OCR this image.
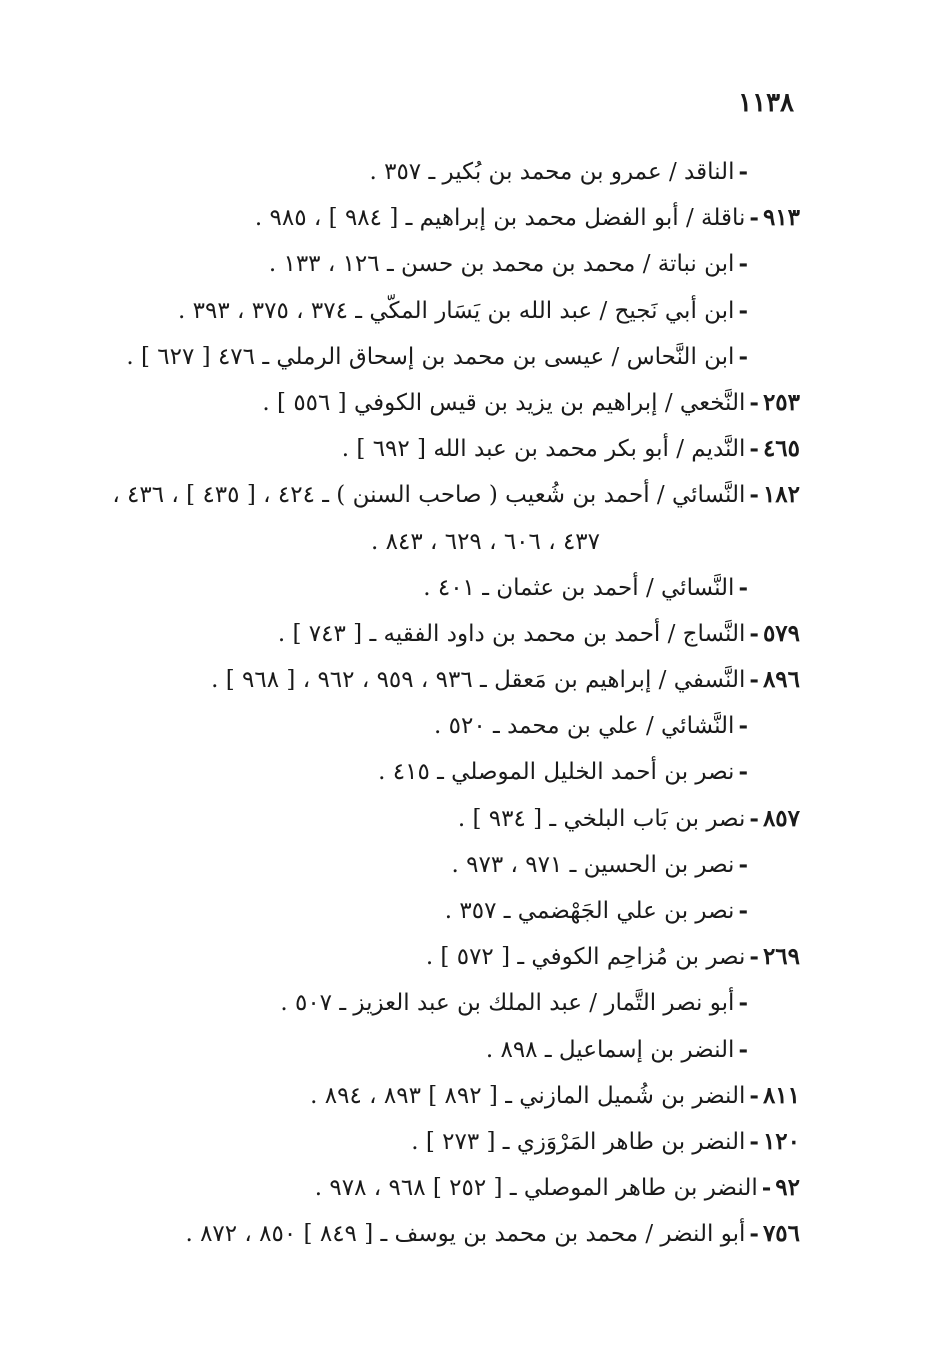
١١٣٨
-الناقد / عمرو بن محمد بن بُكير ـ ٣٥٧ .
٩١٣-ناقلة / أبو الفضل محمد بن إبراهيم ـ [ ٩٨٤ ] ، ٩٨٥ .
-ابن نباتة / محمد بن محمد بن حسن ـ ١٢٦ ، ١٣٣ .
-ابن أبي نَجيح / عبد الله بن يَسَار المكّي ـ ٣٧٤ ، ٣٧٥ ، ٣٩٣ .
-ابن النَّحاس / عيسى بن محمد بن إسحاق الرملي ـ ٤٧٦ [ ٦٢٧ ] .
٢٥٣-النَّخعي / إبراهيم بن يزيد بن قيس الكوفي [ ٥٥٦ ] .
٤٦٥-النَّديم / أبو بكر محمد بن عبد الله [ ٦٩٢ ] .
١٨٢-النَّسائي / أحمد بن شُعيب ( صاحب السنن ) ـ ٤٢٤ ، [ ٤٣٥ ] ، ٤٣٦ ،
٤٣٧ ، ٦٠٦ ، ٦٢٩ ، ٨٤٣ .
-النَّسائي / أحمد بن عثمان ـ ٤٠١ .
٥٧٩-النَّساج / أحمد بن محمد بن داود الفقيه ـ [ ٧٤٣ ] .
٨٩٦-النَّسفي / إبراهيم بن مَعقل ـ ٩٣٦ ، ٩٥٩ ، ٩٦٢ ، [ ٩٦٨ ] .
-النَّشائي / علي بن محمد ـ ٥٢٠ .
-نصر بن أحمد الخليل الموصلي ـ ٤١٥ .
٨٥٧-نصر بن بَاب البلخي ـ [ ٩٣٤ ] .
-نصر بن الحسين ـ ٩٧١ ، ٩٧٣ .
-نصر بن علي الجَهْضمي ـ ٣٥٧ .
٢٦٩-نصر بن مُزاحِم الكوفي ـ [ ٥٧٢ ] .
-أبو نصر التَّمار / عبد الملك بن عبد العزيز ـ ٥٠٧ .
-النضر بن إسماعيل ـ ٨٩٨ .
٨١١-النضر بن شُميل المازني ـ [ ٨٩٢ ] ٨٩٣ ، ٨٩٤ .
١٢٠-النضر بن طاهر المَرْوَزي ـ [ ٢٧٣ ] .
٩٢-النضر بن طاهر الموصلي ـ [ ٢٥٢ ] ٩٦٨ ، ٩٧٨ .
٧٥٦-أبو النضر / محمد بن محمد بن يوسف ـ [ ٨٤٩ ] ٨٥٠ ، ٨٧٢ .
